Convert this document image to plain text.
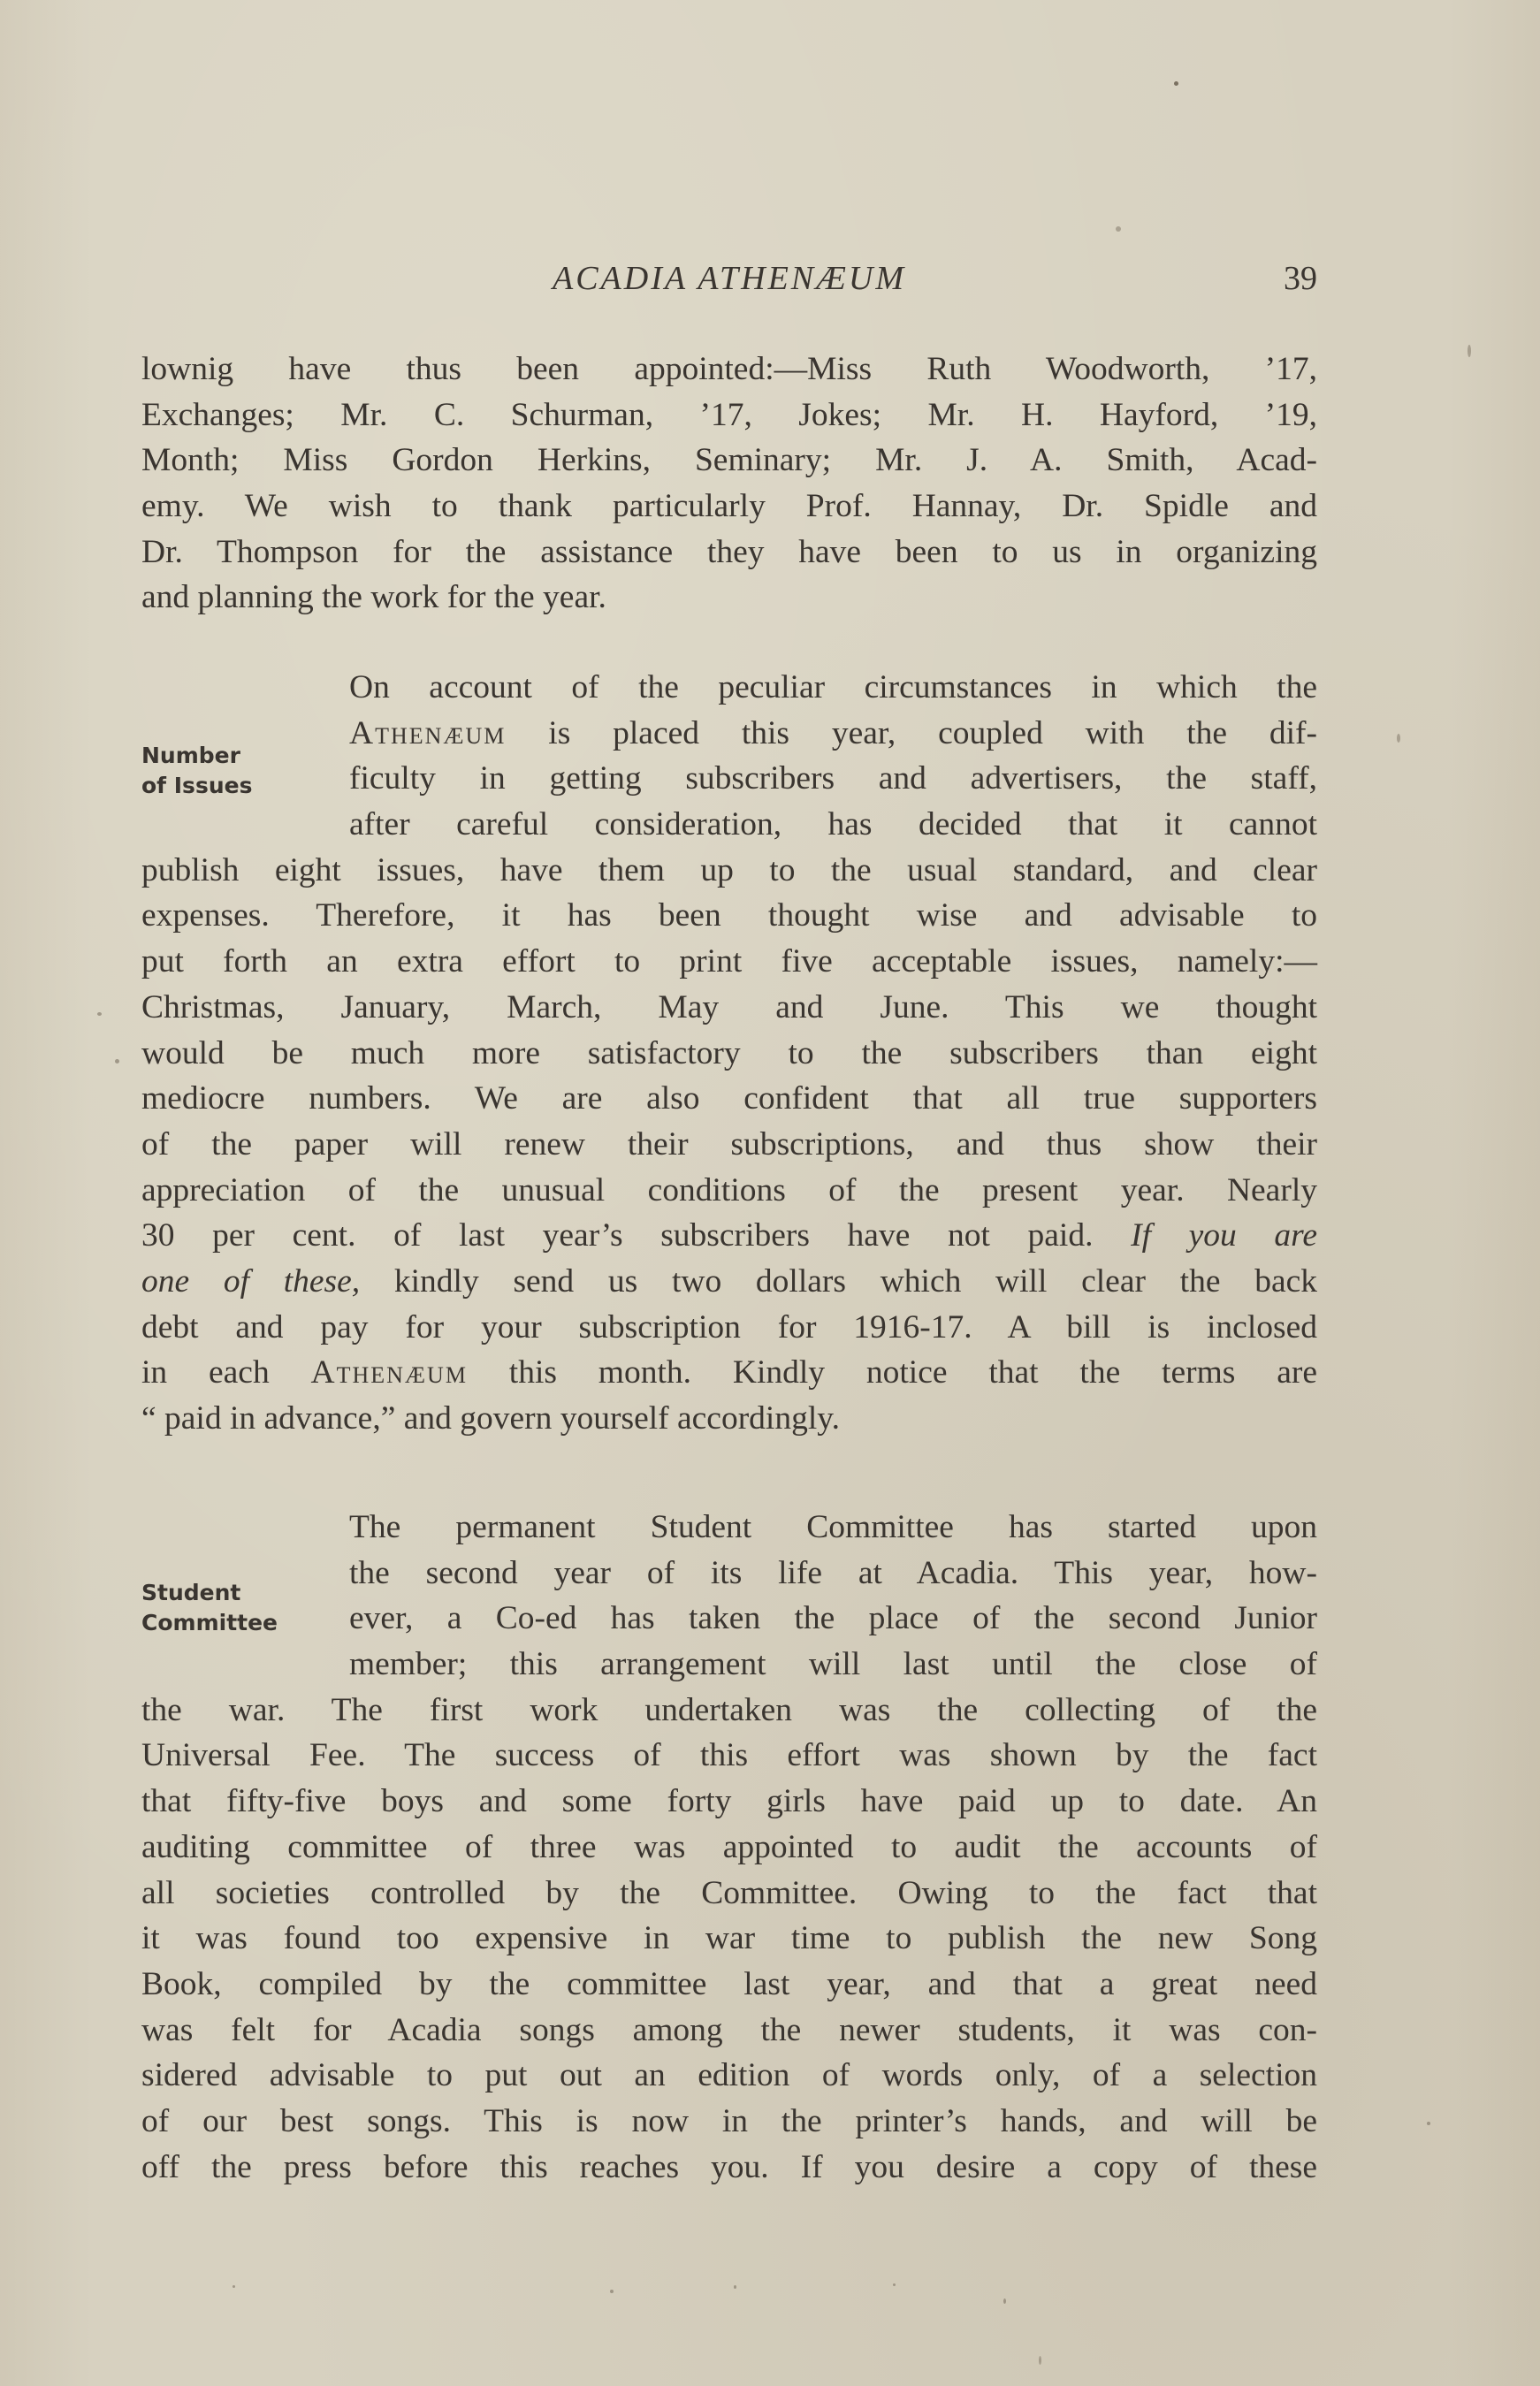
ACADIA ATHENÆUM	39
lownig have thus been appointed:—Miss Ruth Woodworth, ’17,
Exchanges; Mr. C. Schurman, ’17, Jokes; Mr. H. Hayford, ’19,
Month; Miss Gordon Herkins, Seminary; Mr. J. A. Smith, Acad-
emy. We wish to thank particularly Prof. Hannay, Dr. Spidle and
Dr. Thompson for the assistance they have been to us in organizing
and planning the work for the year.
Number
of Issues
On account of the peculiar circumstances in which the
Athenæum is placed this year, coupled with the dif-
ficulty in getting subscribers and advertisers, the staff,
after careful consideration, has decided that it cannot
publish eight issues, have them up to the usual standard, and clear
expenses. Therefore, it has been thought wise and advisable to
put forth an extra effort to print five acceptable issues, namely:—
Christmas, January, March, May and June. This we thought
would be much more satisfactory to the subscribers than eight
mediocre numbers. We are also confident that all true supporters
of the paper will renew their subscriptions, and thus show their
appreciation of the unusual conditions of the present year. Nearly
30 per cent. of last year’s subscribers have not paid. If you are
one of these, kindly send us two dollars which will clear the back
debt and pay for your subscription for 1916-17. A bill is inclosed
in each Athenæum this month. Kindly notice that the terms are
“ paid in advance,” and govern yourself accordingly.
Student
Committee
The permanent Student Committee has started upon
the second year of its life at Acadia. This year, how-
ever, a Co-ed has taken the place of the second Junior
member; this arrangement will last until the close of
the war. The first work undertaken was the collecting of the
Universal Fee. The success of this effort was shown by the fact
that fifty-five boys and some forty girls have paid up to date. An
auditing committee of three was appointed to audit the accounts of
all societies controlled by the Committee. Owing to the fact that
it was found too expensive in war time to publish the new Song
Book, compiled by the committee last year, and that a great need
was felt for Acadia songs among the newer students, it was con-
sidered advisable to put out an edition of words only, of a selection
of our best songs. This is now in the printer’s hands, and will be
off the press before this reaches you. If you desire a copy of these
